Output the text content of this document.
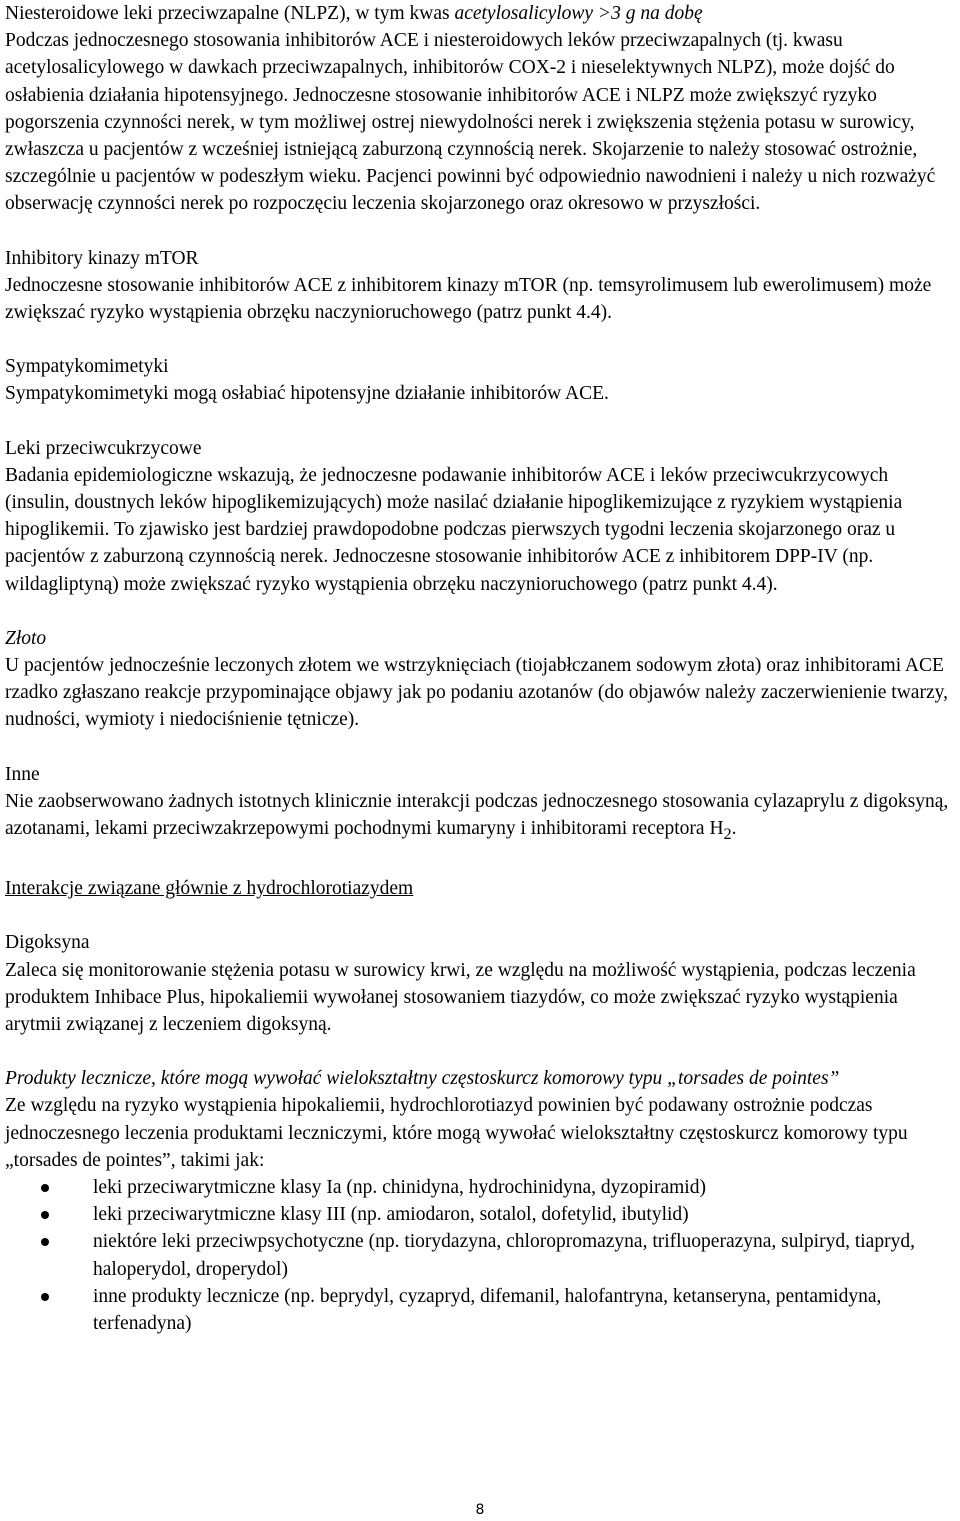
Niesteroidowe leki przeciwzapalne (NLPZ), w tym kwas acetylosalicylowy >3 g na dobę

Podczas jednoczesnego stosowania inhibitorów ACE i niesteroidowych leków przeciwzapalnych (tj. kwasu acetylosalicylowego w dawkach przeciwzapalnych, inhibitorów COX-2 i nieselektywnych NLPZ), może dojść do osłabienia działania hipotensyjnego. Jednoczesne stosowanie inhibitorów ACE i NLPZ może zwiększyć ryzyko pogorszenia czynności nerek, w tym możliwej ostrej niewydolności nerek i zwiększenia stężenia potasu w surowicy, zwłaszcza u pacjentów z wcześniej istniejącą zaburzoną czynnością nerek. Skojarzenie to należy stosować ostrożnie, szczególnie u pacjentów w podeszłym wieku. Pacjenci powinni być odpowiednio nawodnieni i należy u nich rozważyć obserwację czynności nerek po rozpoczęciu leczenia skojarzonego oraz okresowo w przyszłości.

Inhibitory kinazy mTOR

Jednoczesne stosowanie inhibitorów ACE z inhibitorem kinazy mTOR (np. temsyrolimusem lub ewerolimusem) może zwiększać ryzyko wystąpienia obrzęku naczynioruchowego (patrz punkt 4.4).

Sympatykomimetyki

Sympatykomimetyki mogą osłabiać hipotensyjne działanie inhibitorów ACE.

Leki przeciwcukrzycowe

Badania epidemiologiczne wskazują, że jednoczesne podawanie inhibitorów ACE i leków przeciwcukrzycowych (insulin, doustnych leków hipoglikemizujących) może nasilać działanie hipoglikemizujące z ryzykiem wystąpienia hipoglikemii. To zjawisko jest bardziej prawdopodobne podczas pierwszych tygodni leczenia skojarzonego oraz u pacjentów z zaburzoną czynnością nerek. Jednoczesne stosowanie inhibitorów ACE z inhibitorem DPP-IV (np. wildagliptyną) może zwiększać ryzyko wystąpienia obrzęku naczynioruchowego (patrz punkt 4.4).

Złoto

U pacjentów jednocześnie leczonych złotem we wstrzyknięciach (tiojabłczanem sodowym złota) oraz inhibitorami ACE rzadko zgłaszano reakcje przypominające objawy jak po podaniu azotanów (do objawów należy zaczerwienienie twarzy, nudności, wymioty i niedociśnienie tętnicze).

Inne

Nie zaobserwowano żadnych istotnych klinicznie interakcji podczas jednoczesnego stosowania cylazaprylu z digoksyną, azotanami, lekami przeciwzakrzepowymi pochodnymi kumaryny i inhibitorami receptora $H_2$.

Interakcje związane głównie z hydrochlorotiazydem

Digoksyna

Zaleca się monitorowanie stężenia potasu w surowicy krwi, ze względu na możliwość wystąpienia, podczas leczenia produktem Inhibace Plus, hipokaliemii wywołanej stosowaniem tiazydów, co może zwiększać ryzyko wystąpienia arytmii związanej z leczeniem digoksyną.

Produkty lecznicze, które mogą wywołać wielokształtny częstoskurcz komorowy typu „torsades de pointes”

Ze względu na ryzyko wystąpienia hipokaliemii, hydrochlorotiazyd powinien być podawany ostrożnie podczas jednoczesnego leczenia produktami leczniczymi, które mogą wywołać wielokształtny częstoskurcz komorowy typu „torsades de pointes”, takimi jak:

leki przeciwarytmiczne klasy Ia (np. chinidyna, hydrochinidyna, dyzopiramid)
leki przeciwarytmiczne klasy III (np. amiodaron, sotalol, dofetylid, ibutylid)
niektóre leki przeciwpsychotyczne (np. tiorydazyna, chloropromazyna, trifluoperazyna, sulpiryd, tiapryd, haloperydol, droperydol)
inne produkty lecznicze (np. beprydyl, cyzapryd, difemanil, halofantryna, ketanseryna, pentamidyna, terfenadyna)
8
